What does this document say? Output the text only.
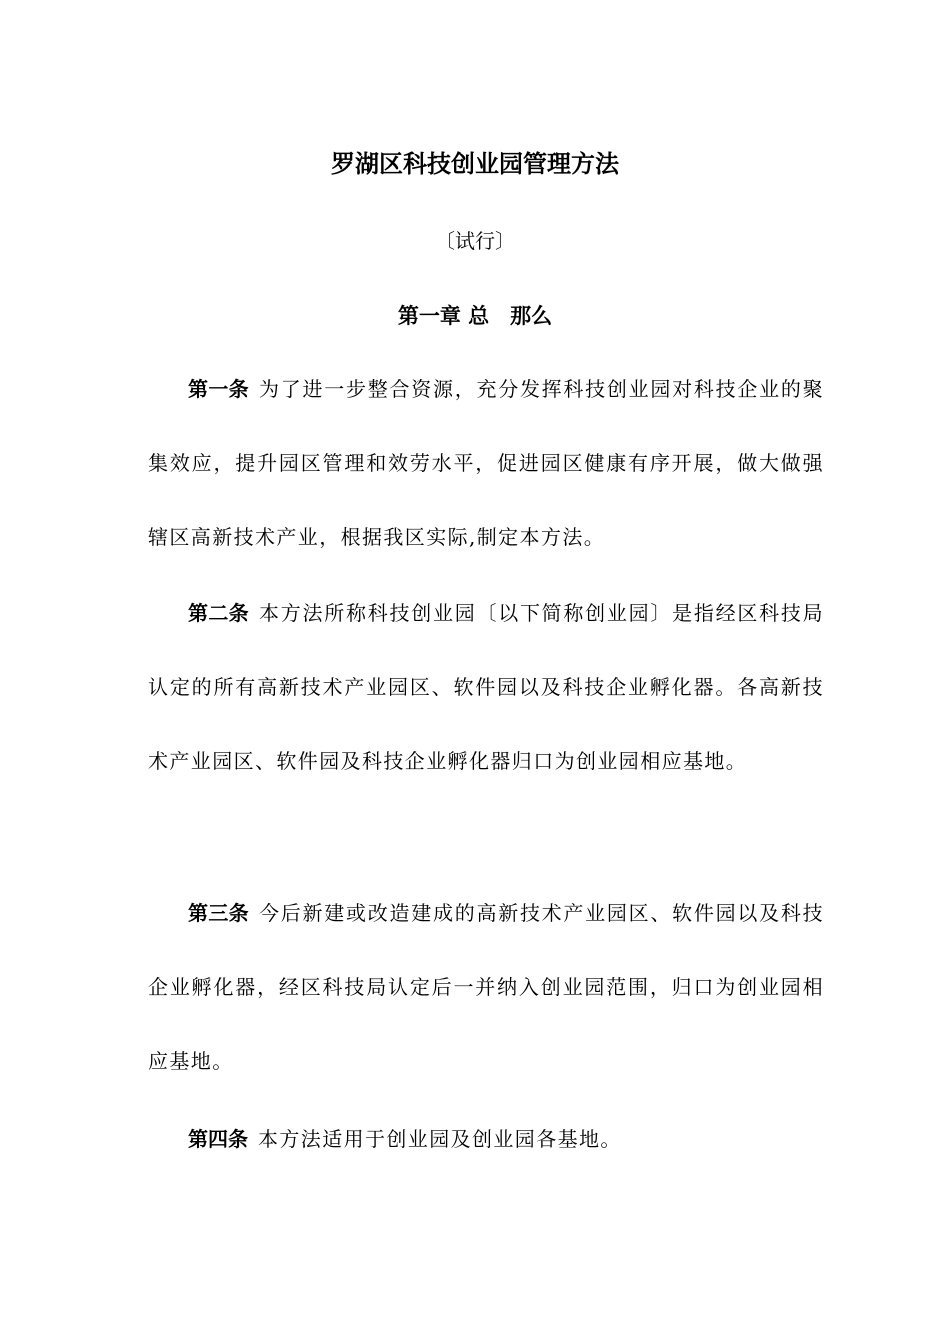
罗湖区科技创业园管理方法

〔试行〕

第一章 总　那么

第一条 为了进一步整合资源，充分发挥科技创业园对科技企业的聚集效应，提升园区管理和效劳水平，促进园区健康有序开展，做大做强辖区高新技术产业，根据我区实际,制定本方法。

第二条 本方法所称科技创业园〔以下简称创业园〕是指经区科技局认定的所有高新技术产业园区、软件园以及科技企业孵化器。各高新技术产业园区、软件园及科技企业孵化器归口为创业园相应基地。

第三条 今后新建或改造建成的高新技术产业园区、软件园以及科技企业孵化器，经区科技局认定后一并纳入创业园范围，归口为创业园相应基地。

第四条 本方法适用于创业园及创业园各基地。
